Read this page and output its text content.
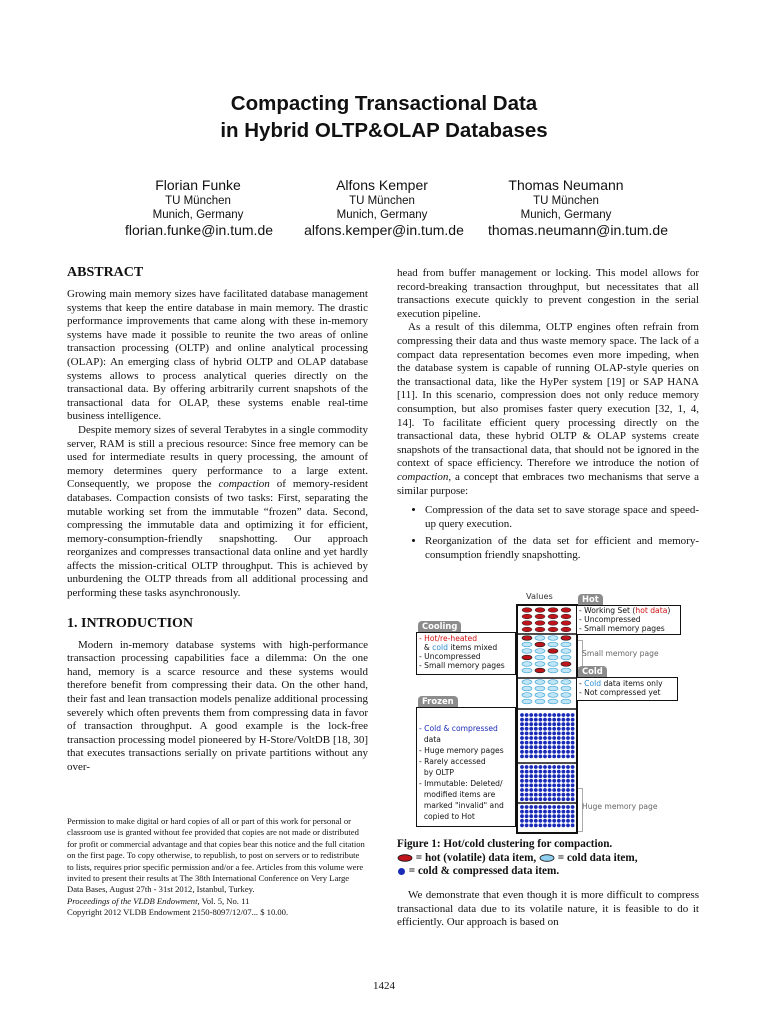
Compacting Transactional Data
in Hybrid OLTP&OLAP Databases
Florian Funke
TU München
Munich, Germany
Alfons Kemper
TU München
Munich, Germany
Thomas Neumann
TU München
Munich, Germany
florian.funke@in.tum.de	alfons.kemper@in.tum.de	thomas.neumann@in.tum.de
ABSTRACT

Growing main memory sizes have facilitated database management systems that keep the entire database in main memory. The drastic performance improvements that came along with these in-memory systems have made it possible to reunite the two areas of online transaction processing (OLTP) and online analytical processing (OLAP): An emerging class of hybrid OLTP and OLAP database systems allows to process analytical queries directly on the transactional data. By offering arbitrarily current snapshots of the transactional data for OLAP, these systems enable real-time business intelligence.

Despite memory sizes of several Terabytes in a single commodity server, RAM is still a precious resource: Since free memory can be used for intermediate results in query processing, the amount of memory determines query performance to a large extent. Consequently, we propose the compaction of memory-resident databases. Compaction consists of two tasks: First, separating the mutable working set from the immutable “frozen” data. Second, compressing the immutable data and optimizing it for efficient, memory-consumption-friendly snapshotting. Our approach reorganizes and compresses transactional data online and yet hardly affects the mission-critical OLTP throughput. This is achieved by unburdening the OLTP threads from all additional processing and performing these tasks asynchronously.

1. INTRODUCTION

Modern in-memory database systems with high-performance transaction processing capabilities face a dilemma: On the one hand, memory is a scarce resource and these systems would therefore benefit from compressing their data. On the other hand, their fast and lean transaction models penalize additional processing severely which often prevents them from compressing data in favor of transaction throughput. A good example is the lock-free transaction processing model pioneered by H-Store/VoltDB [18, 30] that executes transactions serially on private partitions without any over-

Permission to make digital or hard copies of all or part of this work for personal or classroom use is granted without fee provided that copies are not made or distributed for profit or commercial advantage and that copies bear this notice and the full citation on the first page. To copy otherwise, to republish, to post on servers or to redistribute to lists, requires prior specific permission and/or a fee. Articles from this volume were invited to present their results at The 38th International Conference on Very Large Data Bases, August 27th - 31st 2012, Istanbul, Turkey.

Proceedings of the VLDB Endowment, Vol. 5, No. 11

Copyright 2012 VLDB Endowment 2150-8097/12/07... $ 10.00.

head from buffer management or locking. This model allows for record-breaking transaction throughput, but necessitates that all transactions execute quickly to prevent congestion in the serial execution pipeline.

As a result of this dilemma, OLTP engines often refrain from compressing their data and thus waste memory space. The lack of a compact data representation becomes even more impeding, when the database system is capable of running OLAP-style queries on the transactional data, like the HyPer system [19] or SAP HANA [11]. In this scenario, compression does not only reduce memory consumption, but also promises faster query execution [32, 1, 4, 14]. To facilitate efficient query processing directly on the transactional data, these hybrid OLTP & OLAP systems create snapshots of the transactional data, that should not be ignored in the context of space efficiency. Therefore we introduce the notion of compaction, a concept that embraces two mechanisms that serve a similar purpose:

• Compression of the data set to save storage space and speed-up query execution.
• Reorganization of the data set for efficient and memory-consumption friendly snapshotting.
Values	Hot
- Working Set (hot data)
- Uncompressed
- Small memory pages
Cooling
- Hot/re-heated
& cold items mixed
- Uncompressed
- Small memory pages
Small memory page
Cold
- Cold data items only
- Not compressed yet
Frozen
- Cold & compressed
data
- Huge memory pages
- Rarely accessed
by OLTP
- Immutable: Deleted/
modified items are
marked "invalid" and
copied to Hot
Huge memory page
Figure 1: Hot/cold clustering for compaction.
= hot (volatile) data item,  = cold data item,
= cold & compressed data item.

We demonstrate that even though it is more difficult to compress transactional data due to its volatile nature, it is feasible to do it efficiently. Our approach is based on

1424
